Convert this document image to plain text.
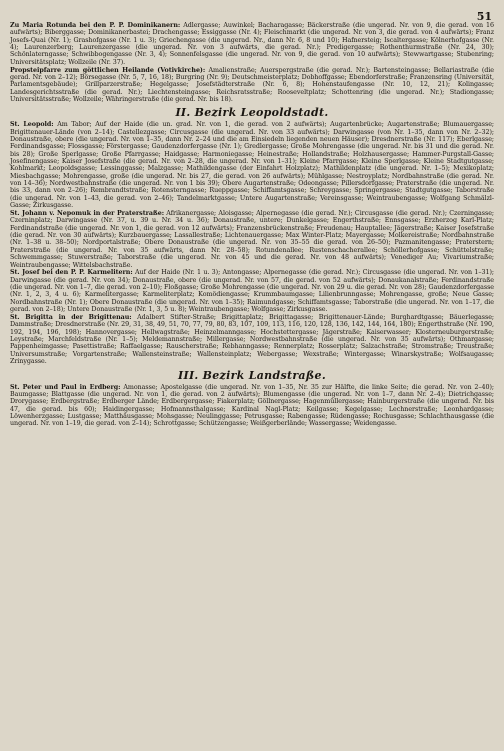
51

Zu Maria Rotunda bei den P. P. Dominikanern: Adlergasse; Auwinkel; Bacharagasse; Bäckerstraße (die ungerad. Nr. von 9, die gerad. von 16 aufwärts); Biberggasse; Dominikanerbastei; Drachengasse; Essiggasse (Nr. 4); Fleischmarkt (die ungerad. Nr. von 3, die gerad. von 4 aufwärts); Franz Josefs-Quai (Nr. 1); Grashofgasse (Nr. 1 u. 3); Griechengasse (die ungerad. Nr., dann Nr. 6, 8 und 10); Hafnersteig; Iscaltergasse; Kölnerhofgasse (Nr. 4); Laurenzerberg; Laurenzergasse (die ungerad. Nr. von 3 aufwärts, die gerad. Nr.); Predigergasse; Rothenthurmstraße (Nr. 24, 30); Schönlaterngasse; Schwibbogengasse (Nr. 3, 4); Sonnenfelsgasse (die ungerad. Nr. von 9, die gerad. von 10 aufwärts); Stewwartgasse; Stubenring; Universitätsplatz; Wollzeile (Nr. 37).

Propsteipfarre zum göttlichen Heilande (Votivkirche): Amalienstraße; Auerspergstraße (die gerad. Nr.); Bartensteingasse; Bellariastraße (die gerad. Nr. von 2–12); Börsegasse (Nr. 5, 7, 16, 18); Burgring (Nr. 9); Deutschmeisterplatz; Dobhoffgasse; Ebendorferstraße; Franzensring (Universität, Parlamentsgebäude); Grillparzerstraße; Hegelgasse; Josefstädterstraße (Nr. 6, 8); Hohenstaufengasse (Nr. 10, 12, 21); Kolingasse; Landesgerichtsstraße (die gerad. Nr.); Liechtensteingasse; Reichsratsstraße; Rooseveltplatz; Schottenring (die ungerad. Nr.); Stadiongasse; Universitätsstraße; Wollzeile; Währingerstraße (die gerad. Nr. bis 18).

II. Bezirk Leopoldstadt.

St. Leopold: Am Tabor; Auf der Haide (die un. grad. Nr. von 1, die gerad. von 2 aufwärts); Augartenbrücke; Augartenstraße; Blumauergasse; Brigittenauer-Lände (von 2–14); Castellezgasse; Circusgasse (die ungerad. Nr. von 33 aufwärts); Darwingasse (von Nr. 1–35, dann von Nr. 2–32); Donaustraße, obere (die ungerad. Nr. von 1–35, dann Nr. 2–24 und die am Einsiedeln liegenden neuen Häuser); Dresdnerstraße (Nr. 117); Eberlgasse; Ferdinandsgasse; Flossgasse; Förstergasse; Gaudenzdorfergasse (Nr. 1); Gredlergasse; Große Mohrengasse (die ungerad. Nr. bis 31 und die gerad. Nr. bis 28); Große Sperlgasse; Große Pfarrgasse; Haidgasse; Harmoniegasse; Heinestraße; Hollandstraße; Holzhausergasse; Hammer-Purgstall-Gasse; Josefinengasse; Kaiser Josefstraße (die gerad. Nr. von 2–28, die ungerad. Nr. von 1–31); Kleine Pfarrgasse; Kleine Sperlgasse; Kleine Stadtgutgasse; Kohlmarkt; Leopoldsgasse; Lessinggasse; Malzgasse; Mathildengasse (der Einfahrt Holzplatz); Mathildenplatz (die ungerad. Nr. 1–5); Mexikoplatz; Miesbachgasse; Mohrengasse, große (die ungerad. Nr. bis 27, die gerad. von 26 aufwärts); Mühlgasse; Nestroyplatz; Nordbahnstraße (die gerad. Nr. von 14–36); Nordwestbahnstraße (die ungerad. Nr. von 1 bis 39); Obere Augartenstraße; Odeongasse; Pillersdorfgasse; Praterstraße (die ungerad. Nr. bis 33, dann von 2–26); Rembrandtstraße; Rotensterngasse; Rueppgasse; Schiffamtsgasse; Schreygasse; Springergasse; Stadtgutgasse; Taborstraße (die ungerad. Nr. von 1–43, die gerad. von 2–46); Tandelmarktgasse; Untere Augartenstraße; Vereinsgasse; Weintraubengasse; Wolfgang Schmälzl-Gasse; Zirkusgasse.

St. Johann v. Nepomuk in der Praterstraße: Afrikanergasse; Aloisgasse; Alpernegasse (die gerad. Nr.); Circusgasse (die gerad. Nr.); Czerningasse; Czerninplatz; Darwingasse (Nr. 37, u. 39 u. Nr. 34 u. 36); Donaustraße, untere; Dunkelgasse; Engerthstraße; Ennsgasse; Erzherzog Karl-Platz; Ferdinandstraße (die ungerad. Nr. von 1, die gerad. von 12 aufwärts); Franzensbrückenstraße; Freudenau; Hauptallee; Jägerstraße; Kaiser Josefstraße (die gerad. Nr. von 30 aufwärts); Kurzbauergasse; Lassallestraße; Lichtenauergasse; Max Winter-Platz; Mayergasse; Molkereistraße; Nordbahnstraße (Nr. 1–38 u. 38–50); Nordportalstraße; Obere Donaustraße (die ungerad. Nr. von 35–55 die gerad. von 26–50); Pazmanitengasse; Praterstern; Praterstraße (die ungerad. Nr. von 35 aufwärts, dann Nr. 28–58); Rotundenallee; Rustenschacherallee; Schöllerhofgasse; Schüttelstraße; Schwemmgasse; Stuwerstraße; Taborstraße (die ungerad. Nr. von 45 und die gerad. Nr. von 48 aufwärts); Venediger Au; Vivariumstraße; Weintraubengasse; Wittelsbachstraße.

St. Josef bei den P. P. Karmelitern: Auf der Haide (Nr. 1 u. 3); Antongasse; Alpernegasse (die gerad. Nr.); Circusgasse (die ungerad. Nr. von 1–31); Darwingasse (die gerad. Nr. von 34); Donaustraße, obere (die ungerad. Nr. von 57, die gerad. von 52 aufwärts); Donaukanalstraße; Ferdinandstraße (die ungerad. Nr. von 1–7, die gerad. von 2–10); Floßgasse; Große Mohrengasse (die ungerad. Nr. von 29 u. die gerad. Nr. von 28); Gaudenzdorfergasse (Nr. 1, 2, 3, 4 u. 6); Karmelitergasse; Karmeliterplatz; Komödiengasse; Krummbaumgasse; Lilienbrunngasse; Mohrengasse, große; Neue Gasse; Nordbahnstraße (Nr. 1); Obere Donaustraße (die ungerad. Nr. von 1–35); Raimundgasse; Schiffamtsgasse; Taborstraße (die ungerad. Nr. von 1–17, die gerad. von 2–18); Untere Donaustraße (Nr. 1, 3, 5 u. 8); Weintraubengasse; Wolfgasse; Zirkusgasse.

St. Brigitta in der Brigittenau: Adalbert Stifter-Straße; Brigittaplatz; Brigittagasse; Brigittenauer-Lände; Burghardtgasse; Bäuerlegasse; Dammstraße; Dresdnerstraße (Nr. 29, 31, 38, 49, 51, 70, 77, 79, 80, 83, 107, 109, 113, 116, 120, 128, 136, 142, 144, 164, 180); Engerthstraße (Nr. 190, 192, 194, 196, 198); Hannovergasse; Hellwagstraße; Heinzelmanngasse; Hochstettergasse; Jägerstraße; Kaiserwasser; Klosterneuburgerstraße; Leystraße; Marchfeldstraße (Nr. 1–5); Meldemannstraße; Millergasse; Nordwestbahnstraße (die ungerad. Nr. von 35 aufwärts); Othmargasse; Pappenheimgasse; Pasettistraße; Raffaelgasse; Rauscherstraße; Rebhanngasse; Rennerplatz; Rosserplatz; Salzachstraße; Stromstraße; Treustraße; Universumstraße; Vorgartenstraße; Wallensteinstraße; Wallensteinplatz; Webergasse; Wexstraße; Wintergasse; Winarskystraße; Wolfsaugasse; Zrinygasse.

III. Bezirk Landstraße.

St. Peter und Paul in Erdberg: Amonasse; Apostelgasse (die ungerad. Nr. von 1–35, Nr. 35 zur Hälfte, die linke Seite; die gerad. Nr. von 2–40); Baumgasse; Blattgasse (die ungerad. Nr. von 1, die gerad. von 2 aufwärts); Blumengasse (die ungerad. Nr. von 1–7, dann Nr. 2–4); Dietrichgasse; Drorygasse; Erdbergstraße; Erdberger Lände; Erdbergergasse; Fiakerplatz; Göllnergasse; Hagenmüllergasse; Hainburgerstraße (die ungerad. Nr. bis 47, die gerad. bis 60); Haidingergasse; Hofmannsthalgasse; Kardinal Nagl-Platz; Keilgasse; Kegelgasse; Lechnerstraße; Leonhardgasse; Löwenherzgasse; Lustgasse; Matthäusgasse; Mohsgasse; Neulinggasse; Petrusgasse; Rabengasse; Rüdengasse; Rochusgasse; Schlachthausgasse (die ungerad. Nr. von 1–19, die gerad. von 2–14); Schrottgasse; Schützengasse; Weißgerberlände; Wassergasse; Weidengasse.
